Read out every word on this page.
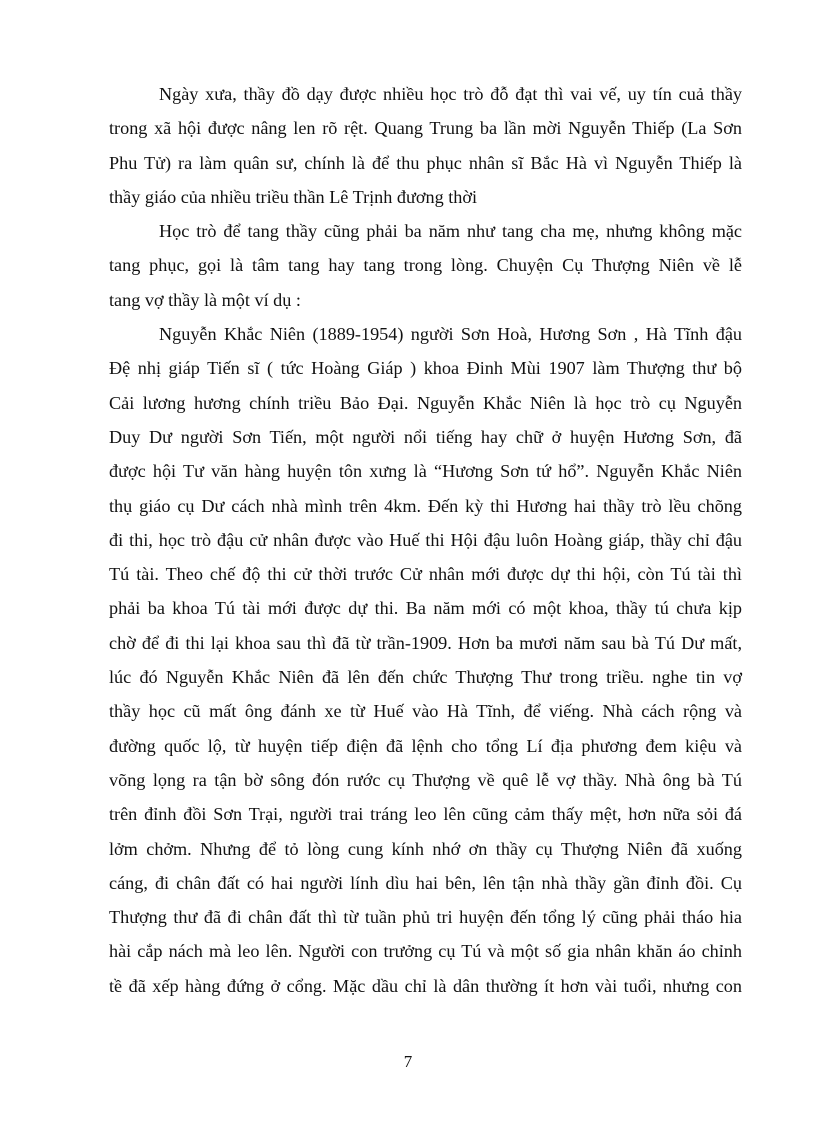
Ngày xưa, thầy đồ dạy được nhiều học trò đỗ đạt thì vai vế, uy tín cuả thầy
trong xã hội được nâng len rõ rệt. Quang Trung ba lần mời Nguyễn Thiếp (La Sơn
Phu Tử) ra làm quân sư, chính là để thu phục nhân sĩ Bắc Hà vì Nguyễn Thiếp là
thầy giáo của nhiều triều thần Lê Trịnh đương thời
Học trò để tang thầy cũng phải ba năm như tang cha mẹ, nhưng không mặc
tang phục, gọi là tâm tang hay tang trong lòng. Chuyện Cụ Thượng Niên về lễ
tang vợ thầy là một ví dụ :
Nguyễn Khắc Niên (1889-1954) người Sơn Hoà, Hương Sơn , Hà Tĩnh đậu
Đệ nhị giáp Tiến sĩ ( tức Hoàng Giáp ) khoa Đinh Mùi 1907 làm Thượng thư bộ
Cải lương hương chính triều Bảo Đại. Nguyễn Khắc Niên là học trò cụ Nguyễn
Duy Dư người Sơn Tiến, một người nổi tiếng hay chữ ở huyện Hương Sơn, đã
được hội Tư văn hàng huyện tôn xưng là “Hương Sơn tứ hổ”. Nguyễn Khắc Niên
thụ giáo cụ Dư cách nhà mình trên 4km. Đến kỳ thi Hương hai thầy trò lều chõng
đi thi, học trò đậu cử nhân được vào Huế thi Hội đậu luôn Hoàng giáp, thầy chỉ đậu
Tú tài. Theo chế độ thi cử thời trước Cử nhân mới được dự thi hội, còn Tú tài thì
phải ba khoa Tú tài mới được dự thi. Ba năm mới có một khoa, thầy tú chưa kịp
chờ để đi thi lại khoa sau thì đã từ trần-1909. Hơn ba mươi năm sau bà Tú Dư mất,
lúc đó Nguyễn Khắc Niên đã lên đến chức Thượng Thư trong triều. nghe tin vợ
thầy học cũ mất ông đánh xe từ Huế vào Hà Tĩnh, để viếng. Nhà cách rộng và
đường quốc lộ, từ huyện tiếp điện đã lệnh cho tổng Lí địa phương đem kiệu và
võng lọng ra tận bờ sông đón rước cụ Thượng về quê lễ vợ thầy. Nhà ông bà Tú
trên đỉnh đồi Sơn Trại, người trai tráng leo lên cũng cảm thấy mệt, hơn nữa sỏi đá
lởm chởm. Nhưng để tỏ lòng cung kính nhớ ơn thầy cụ Thượng Niên đã xuống
cáng, đi chân đất có hai người lính dìu hai bên, lên tận nhà thầy gần đỉnh đồi. Cụ
Thượng thư đã đi chân đất thì từ tuần phủ tri huyện đến tổng lý cũng phải tháo hia
hài cắp nách mà leo lên. Người con trưởng cụ Tú và một số gia nhân khăn áo chỉnh
tề đã xếp hàng đứng ở cổng. Mặc dầu chỉ là dân thường ít hơn vài tuổi, nhưng con
7
